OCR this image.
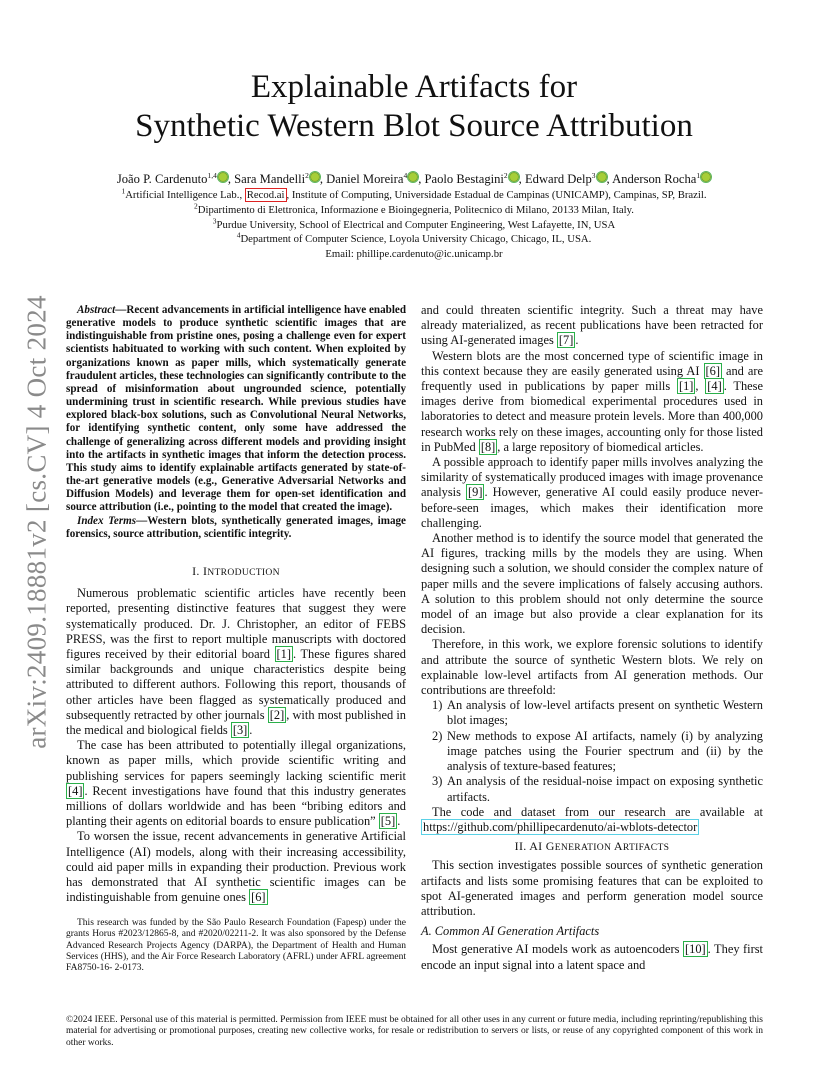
Explainable Artifacts for
Synthetic Western Blot Source Attribution
João P. Cardenuto$^{1,4}$ , Sara Mandelli$^2$ , Daniel Moreira$^4$ , Paolo Bestagini$^2$ , Edward Delp$^3$ , Anderson Rocha$^1$
$^1$Artificial Intelligence Lab., Recod.ai , Institute of Computing, Universidade Estadual de Campinas (UNICAMP), Campinas, SP, Brazil.
$^2$Dipartimento di Elettronica, Informazione e Bioingegneria, Politecnico di Milano, 20133 Milan, Italy.
$^3$Purdue University, School of Electrical and Computer Engineering, West Lafayette, IN, USA
$^4$Department of Computer Science, Loyola University Chicago, Chicago, IL, USA.
Email: phillipe.cardenuto@ic.unicamp.br
arXiv:2409.18881v2 [cs.CV] 4 Oct 2024	Abstract—Recent advancements in artificial intelligence have enabled generative models to produce synthetic scientific images that are indistinguishable from pristine ones, posing a challenge even for expert scientists habituated to working with such content. When exploited by organizations known as paper mills, which systematically generate fraudulent articles, these technologies can significantly contribute to the spread of misinformation about ungrounded science, potentially undermining trust in scientific research. While previous studies have explored black-box solutions, such as Convolutional Neural Networks, for identifying synthetic content, only some have addressed the challenge of generalizing across different models and providing insight into the artifacts in synthetic images that inform the detection process. This study aims to identify explainable artifacts generated by state-of-the-art generative models (e.g., Generative Adversarial Networks and Diffusion Models) and leverage them for open-set identification and source attribution (i.e., pointing to the model that created the image).
Index Terms—Western blots, synthetically generated images, image forensics, source attribution, scientific integrity.

I. INTRODUCTION

Numerous problematic scientific articles have recently been reported, presenting distinctive features that suggest they were systematically produced. Dr. J. Christopher, an editor of FEBS PRESS, was the first to report multiple manuscripts with doctored figures received by their editorial board [1] . These figures shared similar backgrounds and unique characteristics despite being attributed to different authors. Following this report, thousands of other articles have been flagged as systematically produced and subsequently retracted by other journals [2] , with most published in the medical and biological fields [3] .

The case has been attributed to potentially illegal organizations, known as paper mills, which provide scientific writing and publishing services for papers seemingly lacking scientific merit [4] . Recent investigations have found that this industry generates millions of dollars worldwide and has been “bribing editors and planting their agents on editorial boards to ensure publication” [5] .

To worsen the issue, recent advancements in generative Artificial Intelligence (AI) models, along with their increasing accessibility, could aid paper mills in expanding their production. Previous work has demonstrated that AI synthetic scientific images can be indistinguishable from genuine ones [6]

This research was funded by the São Paulo Research Foundation (Fapesp) under the grants Horus #2023/12865-8, and #2020/02211-2. It was also sponsored by the Defense Advanced Research Projects Agency (DARPA), the Department of Health and Human Services (HHS), and the Air Force Research Laboratory (AFRL) under AFRL agreement FA8750-16- 2-0173.

and could threaten scientific integrity. Such a threat may have already materialized, as recent publications have been retracted for using AI-generated images [7] .

Western blots are the most concerned type of scientific image in this context because they are easily generated using AI [6] and are frequently used in publications by paper mills [1] , [4] . These images derive from biomedical experimental procedures used in laboratories to detect and measure protein levels. More than 400,000 research works rely on these images, accounting only for those listed in PubMed [8] , a large repository of biomedical articles.

A possible approach to identify paper mills involves analyzing the similarity of systematically produced images with image provenance analysis [9] . However, generative AI could easily produce never-before-seen images, which makes their identification more challenging.

Another method is to identify the source model that generated the AI figures, tracking mills by the models they are using. When designing such a solution, we should consider the complex nature of paper mills and the severe implications of falsely accusing authors. A solution to this problem should not only determine the source model of an image but also provide a clear explanation for its decision.

Therefore, in this work, we explore forensic solutions to identify and attribute the source of synthetic Western blots. We rely on explainable low-level artifacts from AI generation methods. Our contributions are threefold:

1) An analysis of low-level artifacts present on synthetic Western blot images;
2) New methods to expose AI artifacts, namely (i) by analyzing image patches using the Fourier spectrum and (ii) by the analysis of texture-based features;
3) An analysis of the residual-noise impact on exposing synthetic artifacts.

The code and dataset from our research are available at https://github.com/phillipecardenuto/ai-wblots-detector

II. AI GENERATION ARTIFACTS

This section investigates possible sources of synthetic generation artifacts and lists some promising features that can be exploited to spot AI-generated images and perform generation model source attribution.

A. Common AI Generation Artifacts

Most generative AI models work as autoencoders [10] . They first encode an input signal into a latent space and

©2024 IEEE. Personal use of this material is permitted. Permission from IEEE must be obtained for all other uses in any current or future media, including reprinting/republishing this material for advertising or promotional purposes, creating new collective works, for resale or redistribution to servers or lists, or reuse of any copyrighted component of this work in other works.
